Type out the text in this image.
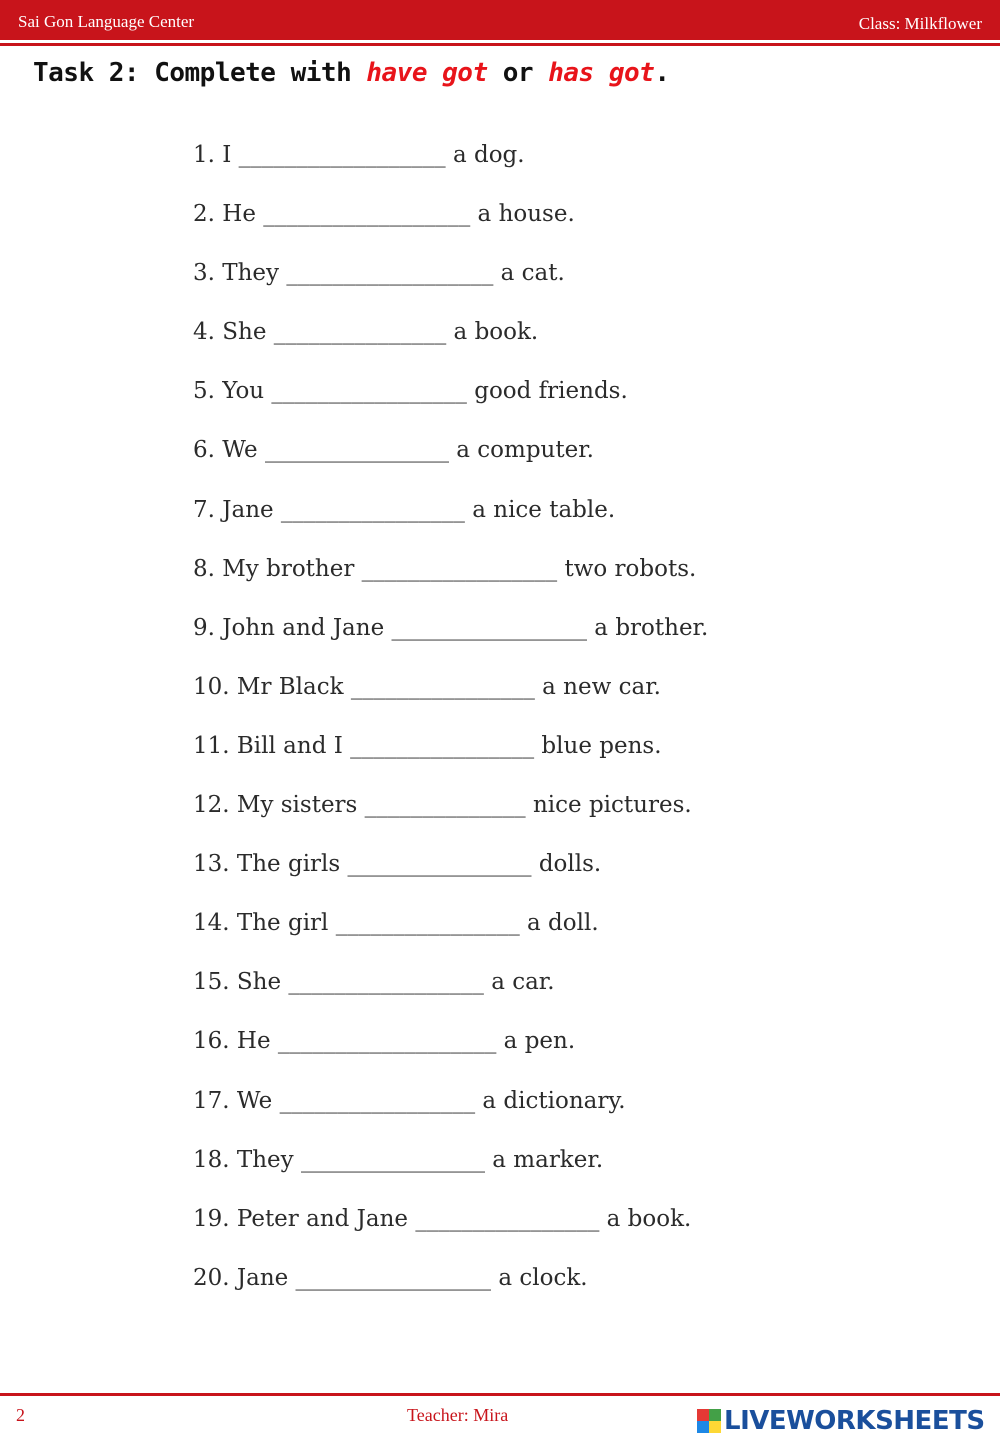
Sai Gon Language Center	Class: Milkflower
Task 2: Complete with have got or has got.
1. I __________________ a dog.
2. He __________________ a house.
3. They __________________ a cat.
4. She _______________ a book.
5. You _________________ good friends.
6. We ________________ a computer.
7. Jane ________________ a nice table.
8. My brother _________________ two robots.
9. John and Jane _________________ a brother.
10. Mr Black ________________ a new car.
11. Bill and I ________________ blue pens.
12. My sisters ______________ nice pictures.
13. The girls ________________ dolls.
14. The girl ________________ a doll.
15. She _________________ a car.
16. He ___________________ a pen.
17. We _________________ a dictionary.
18. They ________________ a marker.
19. Peter and Jane ________________ a book.
20. Jane _________________ a clock.
2	Teacher: Mira	LIVEWORKSHEETS
